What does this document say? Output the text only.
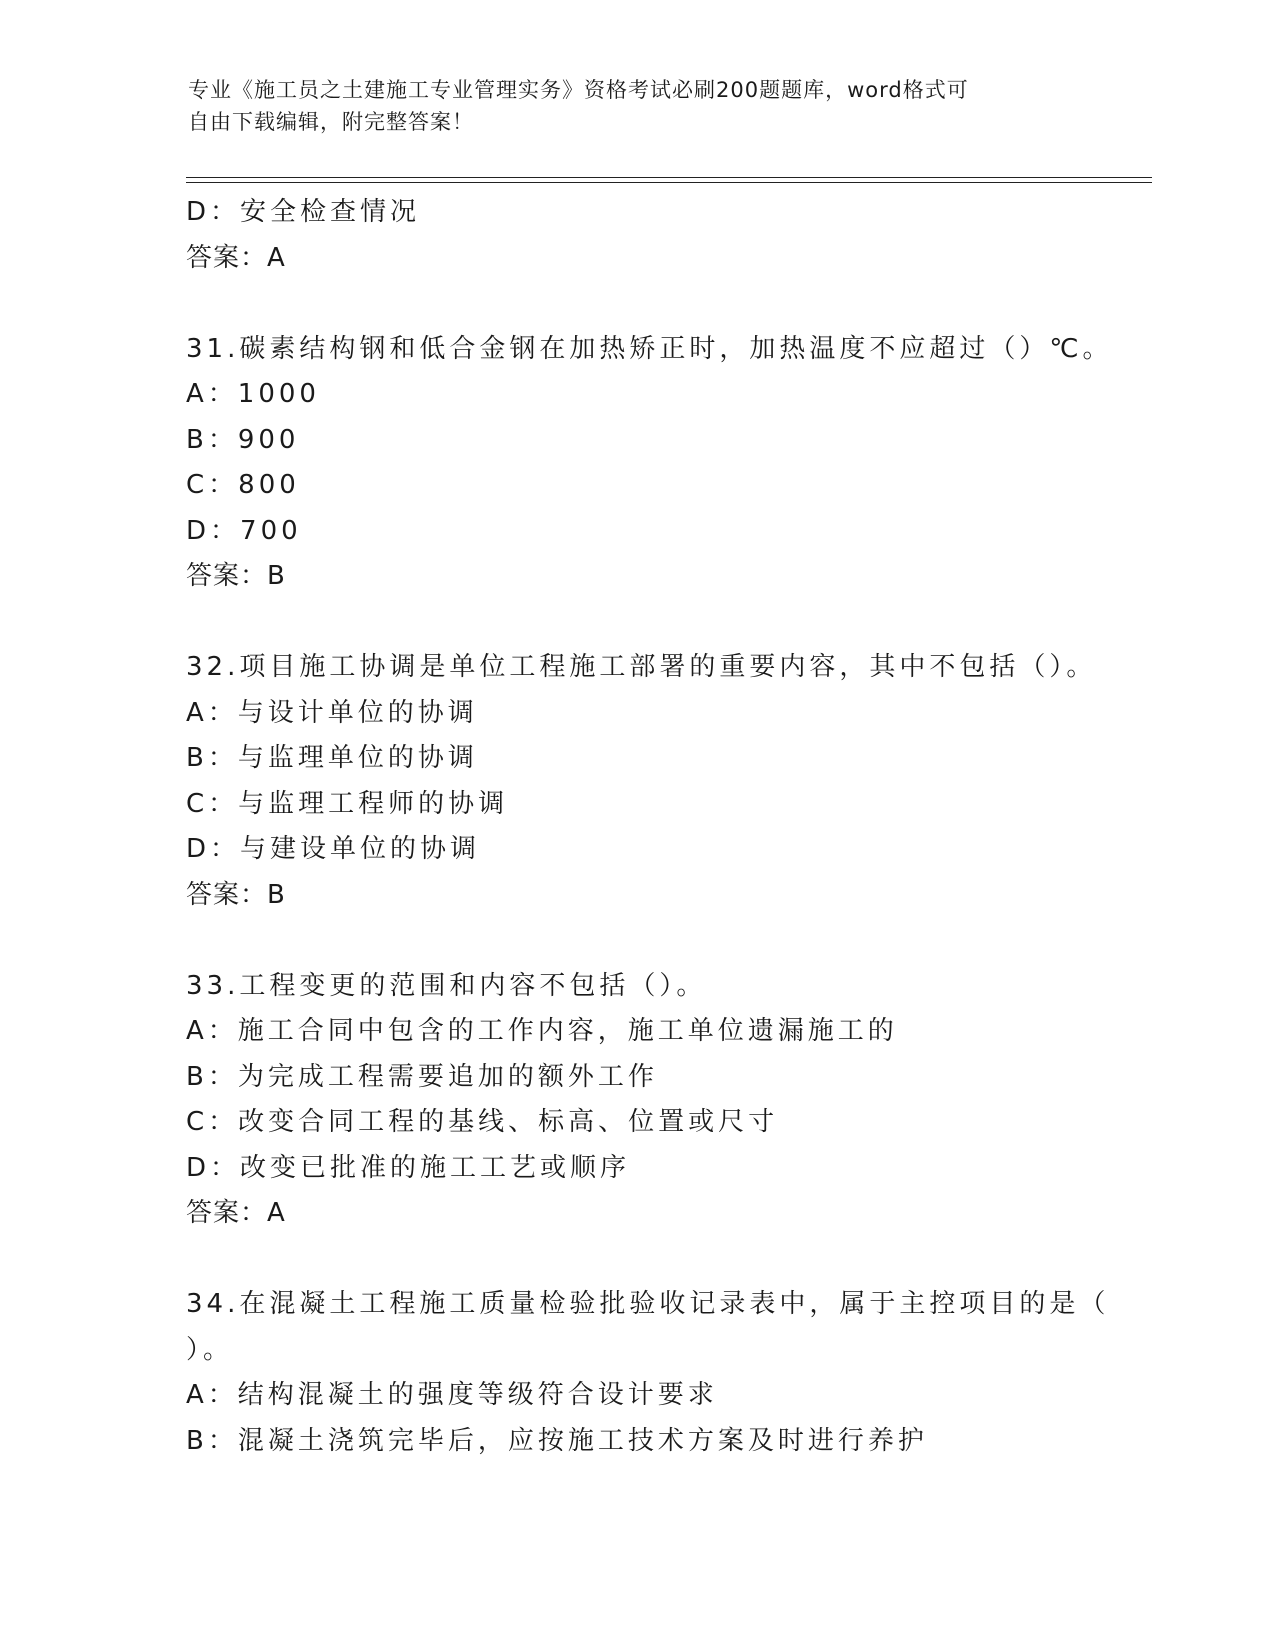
专业《施工员之土建施工专业管理实务》资格考试必刷200题题库，word格式可
自由下载编辑，附完整答案！
D：安全检查情况
答案：A
31.碳素结构钢和低合金钢在加热矫正时，加热温度不应超过（）℃。
A：1000
B：900
C：800
D：700
答案：B
32.项目施工协调是单位工程施工部署的重要内容，其中不包括（）。
A：与设计单位的协调
B：与监理单位的协调
C：与监理工程师的协调
D：与建设单位的协调
答案：B
33.工程变更的范围和内容不包括（）。
A：施工合同中包含的工作内容，施工单位遗漏施工的
B：为完成工程需要追加的额外工作
C：改变合同工程的基线、标高、位置或尺寸
D：改变已批准的施工工艺或顺序
答案：A
34.在混凝土工程施工质量检验批验收记录表中，属于主控项目的是（
）。
A：结构混凝土的强度等级符合设计要求
B：混凝土浇筑完毕后，应按施工技术方案及时进行养护
